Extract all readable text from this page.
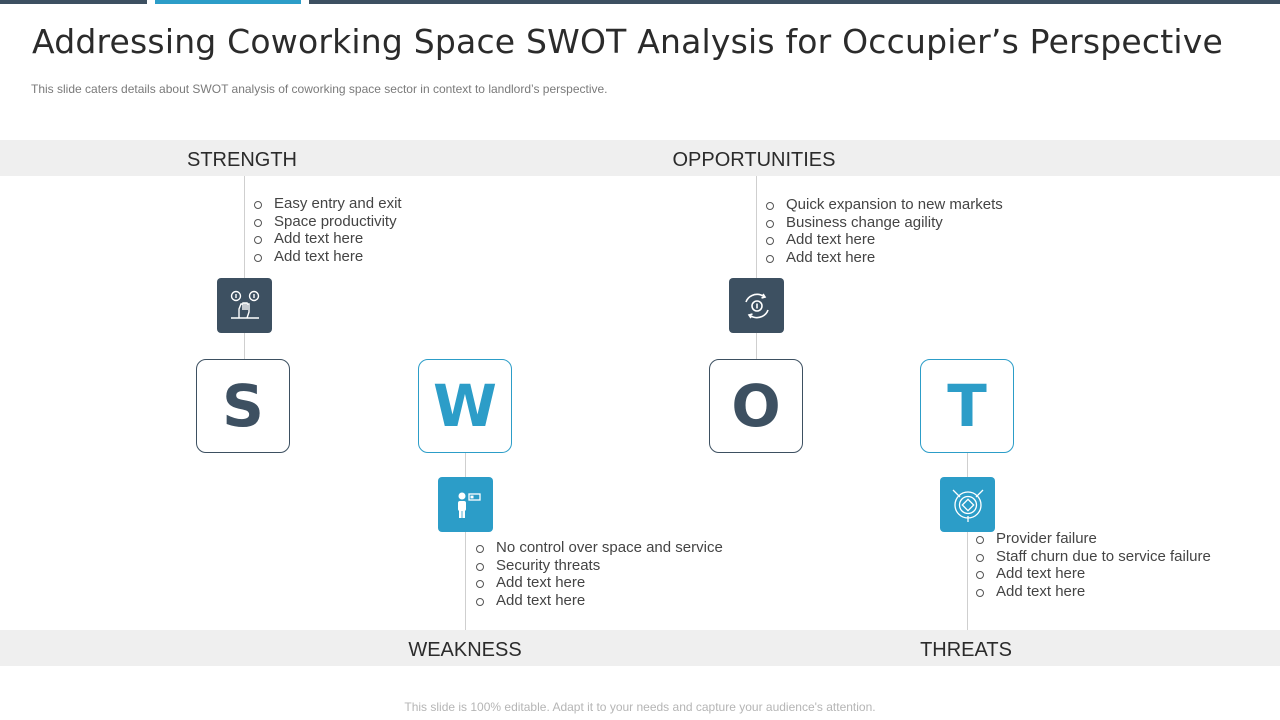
Addressing Coworking Space SWOT Analysis for Occupier’s Perspective
This slide caters details about SWOT analysis of coworking space sector in context to landlord’s perspective.
STRENGTH	OPPORTUNITIES
WEAKNESS	THREATS
Easy entry and exit
Space productivity
Add text here
Add text here
S	W
No control over space and service
Security threats
Add text here
Add text here
Quick expansion to new markets
Business change agility
Add text here
Add text here
O	T
Provider failure
Staff churn due to service failure
Add text here
Add text here
This slide is 100% editable. Adapt it to your needs and capture your audience's attention.
